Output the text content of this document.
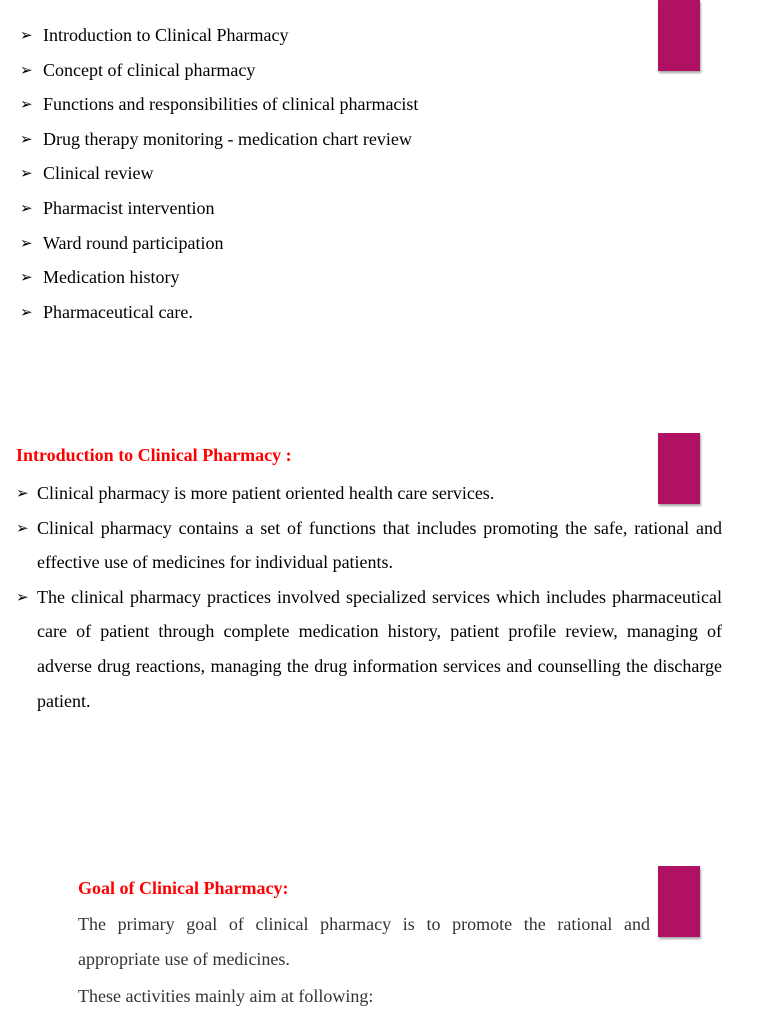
➢ Introduction to Clinical Pharmacy
➢ Concept of clinical pharmacy
➢ Functions and responsibilities of clinical pharmacist
➢ Drug therapy monitoring - medication chart review
➢ Clinical review
➢ Pharmacist intervention
➢ Ward round participation
➢ Medication history
➢ Pharmaceutical care.
Introduction to Clinical Pharmacy :
➢ Clinical pharmacy is more patient oriented health care services.
➢ Clinical pharmacy contains a set of functions that includes promoting the safe, rational and effective use of medicines for individual patients.
➢ The clinical pharmacy practices involved specialized services which includes pharmaceutical care of patient through complete medication history, patient profile review, managing of adverse drug reactions, managing the drug information services and counselling the discharge patient.
Goal of Clinical Pharmacy:

The primary goal of clinical pharmacy is to promote the rational and appropriate use of medicines.

These activities mainly aim at following:
